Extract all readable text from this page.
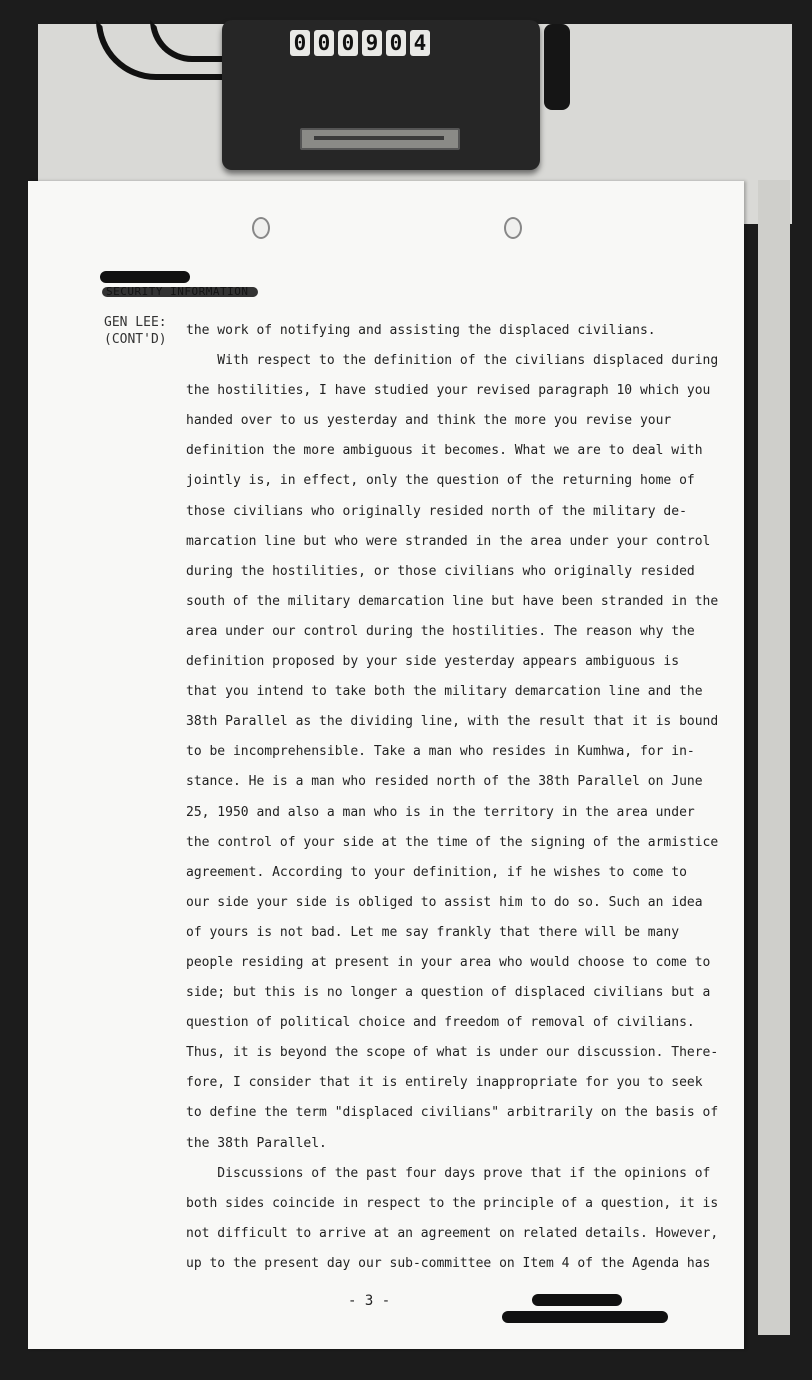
0 0 0 9 0 4
GEN LEE:
(CONT'D)

the work of notifying and assisting the displaced civilians.

With respect to the definition of the civilians displaced during

the hostilities, I have studied your revised paragraph 10 which you

handed over to us yesterday and think the more you revise your

definition the more ambiguous it becomes. What we are to deal with

jointly is, in effect, only the question of the returning home of

those civilians who originally resided north of the military de-

marcation line but who were stranded in the area under your control

during the hostilities, or those civilians who originally resided

south of the military demarcation line but have been stranded in the

area under our control during the hostilities. The reason why the

definition proposed by your side yesterday appears ambiguous is

that you intend to take both the military demarcation line and the

38th Parallel as the dividing line, with the result that it is bound

to be incomprehensible. Take a man who resides in Kumhwa, for in-

stance. He is a man who resided north of the 38th Parallel on June

25, 1950 and also a man who is in the territory in the area under

the control of your side at the time of the signing of the armistice

agreement. According to your definition, if he wishes to come to

our side your side is obliged to assist him to do so. Such an idea

of yours is not bad. Let me say frankly that there will be many

people residing at present in your area who would choose to come to

side; but this is no longer a question of displaced civilians but a

question of political choice and freedom of removal of civilians.

Thus, it is beyond the scope of what is under our discussion. There-

fore, I consider that it is entirely inappropriate for you to seek

to define the term "displaced civilians" arbitrarily on the basis of

the 38th Parallel.

Discussions of the past four days prove that if the opinions of

both sides coincide in respect to the principle of a question, it is

not difficult to arrive at an agreement on related details. However,

up to the present day our sub-committee on Item 4 of the Agenda has

- 3 -
